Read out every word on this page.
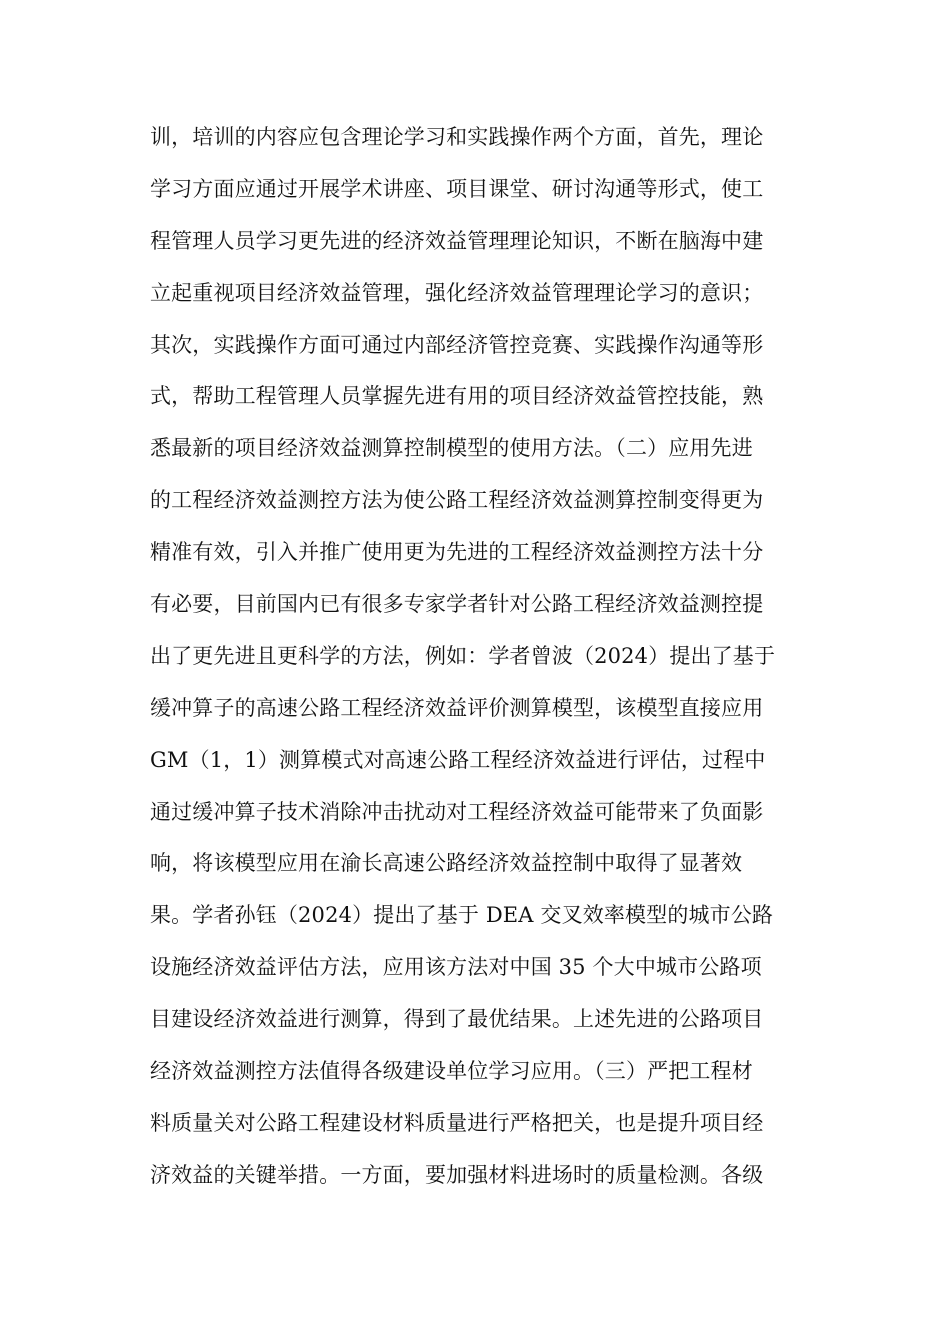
训，培训的内容应包含理论学习和实践操作两个方面，首先，理论
学习方面应通过开展学术讲座、项目课堂、研讨沟通等形式，使工
程管理人员学习更先进的经济效益管理理论知识，不断在脑海中建
立起重视项目经济效益管理，强化经济效益管理理论学习的意识；
其次，实践操作方面可通过内部经济管控竞赛、实践操作沟通等形
式，帮助工程管理人员掌握先进有用的项目经济效益管控技能，熟
悉最新的项目经济效益测算控制模型的使用方法。（二）应用先进
的工程经济效益测控方法为使公路工程经济效益测算控制变得更为
精准有效，引入并推广使用更为先进的工程经济效益测控方法十分
有必要，目前国内已有很多专家学者针对公路工程经济效益测控提
出了更先进且更科学的方法，例如：学者曾波（2024）提出了基于
缓冲算子的高速公路工程经济效益评价测算模型，该模型直接应用
GM（1，1）测算模式对高速公路工程经济效益进行评估，过程中
通过缓冲算子技术消除冲击扰动对工程经济效益可能带来了负面影
响，将该模型应用在渝长高速公路经济效益控制中取得了显著效
果。学者孙钰（2024）提出了基于 DEA 交叉效率模型的城市公路
设施经济效益评估方法，应用该方法对中国 35 个大中城市公路项
目建设经济效益进行测算，得到了最优结果。上述先进的公路项目
经济效益测控方法值得各级建设单位学习应用。（三）严把工程材
料质量关对公路工程建设材料质量进行严格把关，也是提升项目经
济效益的关键举措。一方面，要加强材料进场时的质量检测。各级
